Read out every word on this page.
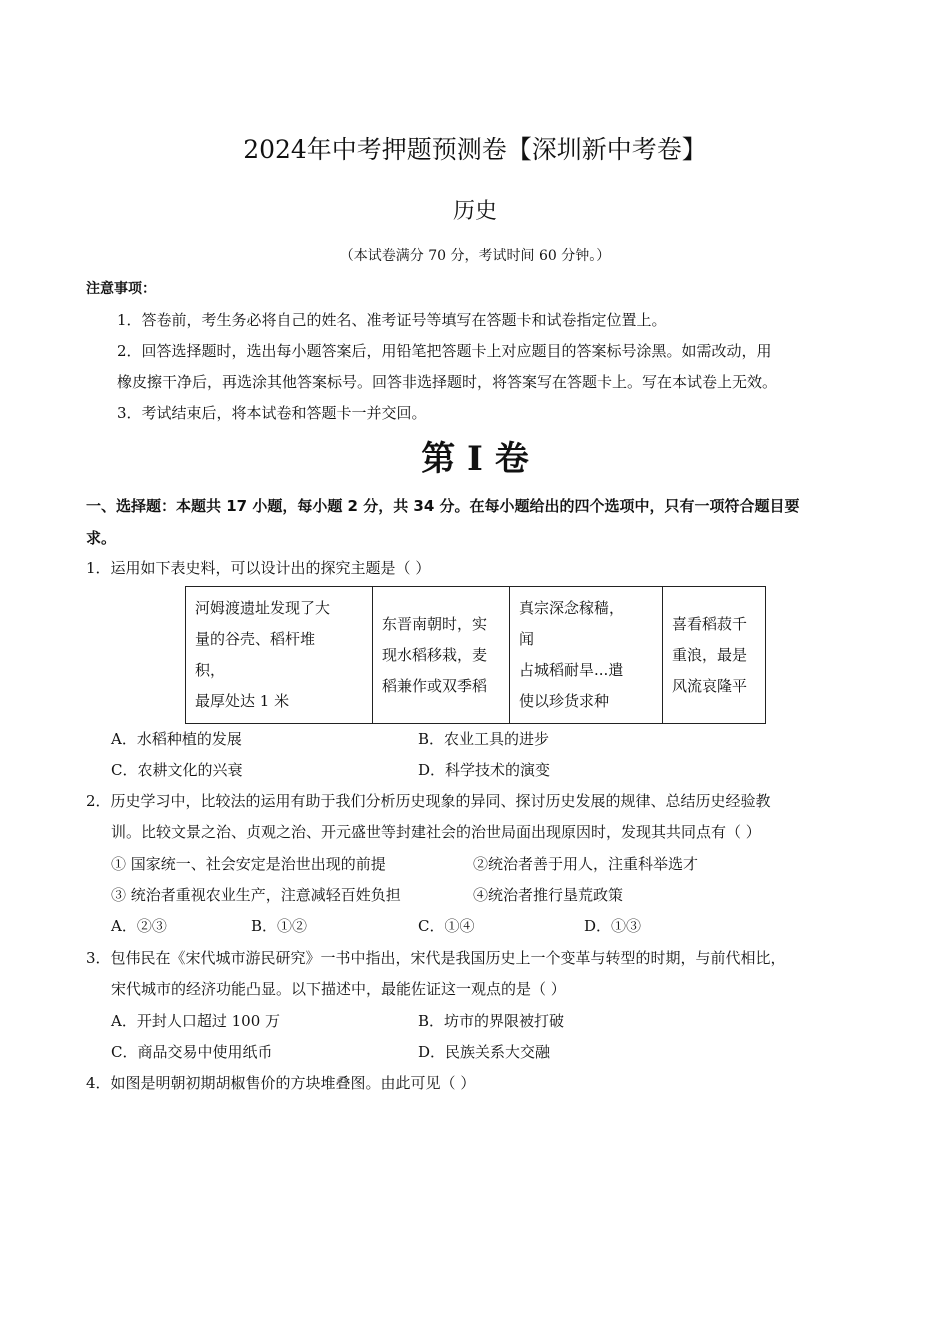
2024年中考押题预测卷【深圳新中考卷】
历史
（本试卷满分 70 分，考试时间 60 分钟。）
注意事项：
1．答卷前，考生务必将自己的姓名、准考证号等填写在答题卡和试卷指定位置上。
2．回答选择题时，选出每小题答案后，用铅笔把答题卡上对应题目的答案标号涂黑。如需改动，用
橡皮擦干净后，再选涂其他答案标号。回答非选择题时，将答案写在答题卡上。写在本试卷上无效。
3．考试结束后，将本试卷和答题卡一并交回。
第 I 卷
一、选择题：本题共 17 小题，每小题 2 分，共 34 分。在每小题给出的四个选项中，只有一项符合题目要
求。
1．运用如下表史料，可以设计出的探究主题是（ ）
河姆渡遗址发现了大
量的谷壳、稻杆堆
积，
最厚处达 1 米

东晋南朝时，实
现水稻移栽，麦
稻兼作或双季稻

真宗深念稼穑，
闻
占城稻耐旱...遣
使以珍货求种

喜看稻菽千
重浪，最是
风流哀隆平
A．水稻种植的发展	B．农业工具的进步
C．农耕文化的兴衰	D．科学技术的演变
2．历史学习中，比较法的运用有助于我们分析历史现象的异同、探讨历史发展的规律、总结历史经验教
训。比较文景之治、贞观之治、开元盛世等封建社会的治世局面出现原因时，发现其共同点有（ ）
① 国家统一、社会安定是治世出现的前提	②统治者善于用人，注重科举选才
③ 统治者重视农业生产，注意减轻百姓负担	④统治者推行垦荒政策
A．②③	B．①②	C．①④	D．①③
3．包伟民在《宋代城市游民研究》一书中指出，宋代是我国历史上一个变革与转型的时期，与前代相比，
宋代城市的经济功能凸显。以下描述中，最能佐证这一观点的是（ ）
A．开封人口超过 100 万	B．坊市的界限被打破
C．商品交易中使用纸币	D．民族关系大交融
4．如图是明朝初期胡椒售价的方块堆叠图。由此可见（ ）
